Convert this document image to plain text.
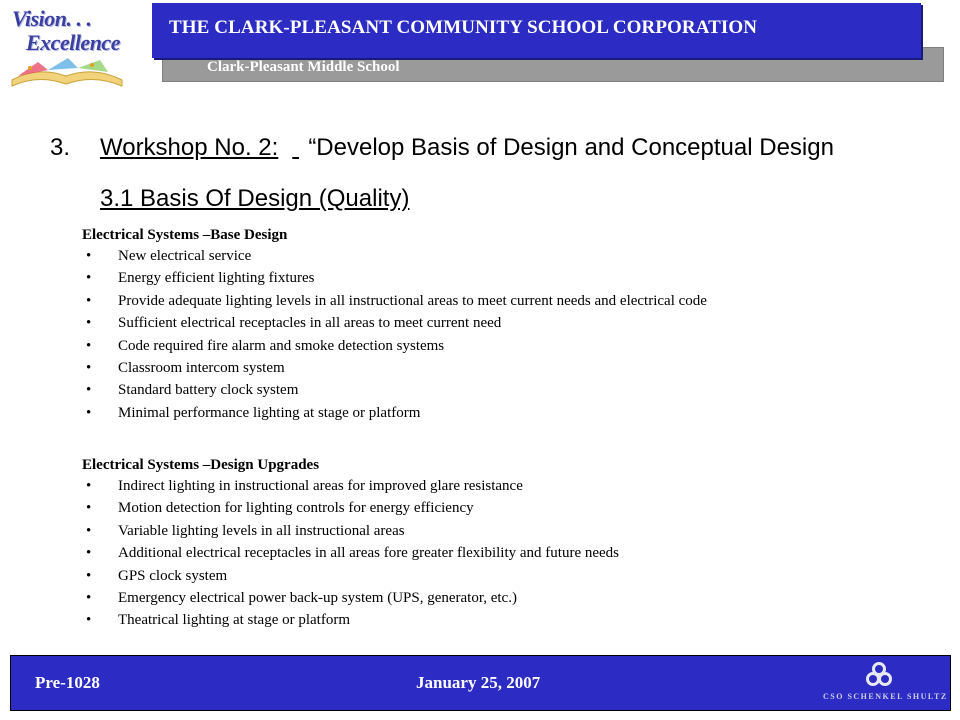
Vision. . .
Excellence
Clark-Pleasant Middle School
THE CLARK-PLEASANT COMMUNITY SCHOOL CORPORATION
3. Workshop No. 2: “Develop Basis of Design and Conceptual Design
3.1 Basis Of Design (Quality)
Electrical Systems –Base Design
• New electrical service
• Energy efficient lighting fixtures
• Provide adequate lighting levels in all instructional areas to meet current needs and electrical code
• Sufficient electrical receptacles in all areas to meet current need
• Code required fire alarm and smoke detection systems
• Classroom intercom system
• Standard battery clock system
• Minimal performance lighting at stage or platform
Electrical Systems –Design Upgrades
• Indirect lighting in instructional areas for improved glare resistance
• Motion detection for lighting controls for energy efficiency
• Variable lighting levels in all instructional areas
• Additional electrical receptacles in all areas fore greater flexibility and future needs
• GPS clock system
• Emergency electrical power back-up system (UPS, generator, etc.)
• Theatrical lighting at stage or platform
Pre-1028	January 25, 2007
CSO SCHENKEL SHULTZ
